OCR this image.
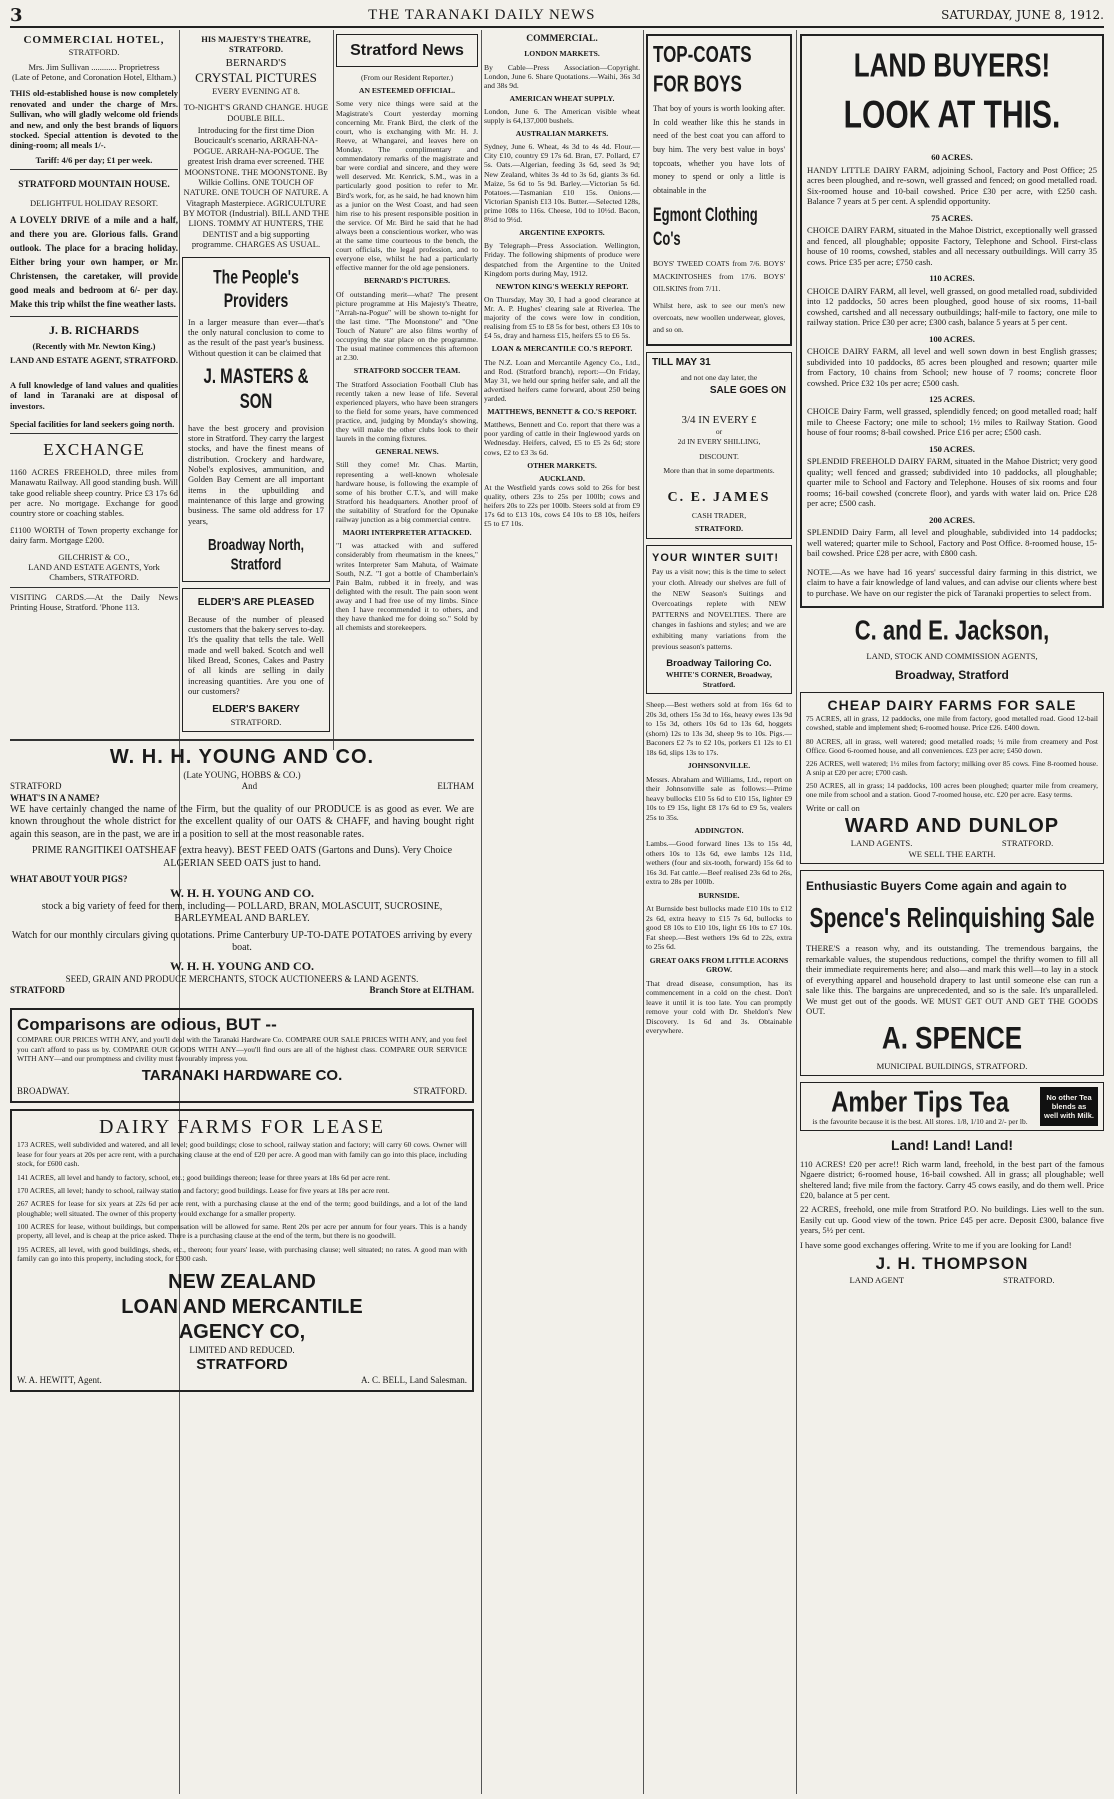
3	THE TARANAKI DAILY NEWS	SATURDAY, JUNE 8, 1912.
COMMERCIAL HOTEL,
STRATFORD.
Mrs. Jim Sullivan ............ Proprietress
(Late of Petone, and Coronation Hotel, Eltham.)

THIS old-established house is now completely renovated and under the charge of Mrs. Sullivan, who will gladly welcome old friends and new, and only the best brands of liquors stocked. Special attention is devoted to the dining-room; all meals 1/-.

Tariff: 4/6 per day; £1 per week.
STRATFORD MOUNTAIN HOUSE.
DELIGHTFUL HOLIDAY RESORT.

A LOVELY DRIVE of a mile and a half, and there you are. Glorious falls. Grand outlook. The place for a bracing holiday. Either bring your own hamper, or Mr. Christensen, the caretaker, will provide good meals and bedroom at 6/- per day. Make this trip whilst the fine weather lasts.

J. B. RICHARDS
(Recently with Mr. Newton King.)
LAND AND ESTATE AGENT, STRATFORD.

A full knowledge of land values and qualities of land in Taranaki are at disposal of investors.

Special facilities for land seekers going north.

EXCHANGE

1160 ACRES FREEHOLD, three miles from Manawatu Railway. All good standing bush. Will take good reliable sheep country. Price £3 17s 6d per acre. No mortgage. Exchange for good country store or coaching stables.

£1100 WORTH of Town property exchange for dairy farm. Mortgage £200.

GILCHRIST & CO.,
LAND AND ESTATE AGENTS, York Chambers, STRATFORD.

VISITING CARDS.—At the Daily News Printing House, Stratford. 'Phone 113.

HIS MAJESTY'S THEATRE, STRATFORD.
BERNARD'S
CRYSTAL PICTURES
EVERY EVENING AT 8.
TO-NIGHT'S GRAND CHANGE. HUGE DOUBLE BILL.
Introducing for the first time Dion Boucicault's scenario, ARRAH-NA-POGUE. ARRAH-NA-POGUE. The greatest Irish drama ever screened. THE MOONSTONE. THE MOONSTONE. By Wilkie Collins. ONE TOUCH OF NATURE. ONE TOUCH OF NATURE. A Vitagraph Masterpiece. AGRICULTURE BY MOTOR (Industrial). BILL AND THE LIONS. TOMMY AT HUNTERS, THE DENTIST and a big supporting programme. CHARGES AS USUAL.
The People's Providers

In a larger measure than ever—that's the only natural conclusion to come to as the result of the past year's business. Without question it can be claimed that

J. MASTERS & SON

have the best grocery and provision store in Stratford. They carry the largest stocks, and have the finest means of distribution. Crockery and hardware, Nobel's explosives, ammunition, and Golden Bay Cement are all important items in the upbuilding and maintenance of this large and growing business. The same old address for 17 years,

Broadway North, Stratford
ELDER'S ARE PLEASED

Because of the number of pleased customers that the bakery serves to-day. It's the quality that tells the tale. Well made and well baked. Scotch and well liked Bread, Scones, Cakes and Pastry of all kinds are selling in daily increasing quantities. Are you one of our customers?

ELDER'S BAKERY
STRATFORD.
Stratford News
(From our Resident Reporter.)
AN ESTEEMED OFFICIAL.

Some very nice things were said at the Magistrate's Court yesterday morning concerning Mr. Frank Bird, the clerk of the court, who is exchanging with Mr. H. J. Reeve, at Whangarei, and leaves here on Monday. The complimentary and commendatory remarks of the magistrate and bar were cordial and sincere, and they were well deserved. Mr. Kenrick, S.M., was in a particularly good position to refer to Mr. Bird's work, for, as he said, he had known him as a junior on the West Coast, and had seen him rise to his present responsible position in the service. Of Mr. Bird he said that he had always been a conscientious worker, who was at the same time courteous to the bench, the court officials, the legal profession, and to everyone else, whilst he had a particularly effective manner for the old age pensioners.

BERNARD'S PICTURES.

Of outstanding merit—what? The present picture programme at His Majesty's Theatre, "Arrah-na-Pogue" will be shown to-night for the last time. "The Moonstone" and "One Touch of Nature" are also films worthy of occupying the star place on the programme. The usual matinee commences this afternoon at 2.30.

STRATFORD SOCCER TEAM.

The Stratford Association Football Club has recently taken a new lease of life. Several experienced players, who have been strangers to the field for some years, have commenced practice, and, judging by Monday's showing, they will make the other clubs look to their laurels in the coming fixtures.

GENERAL NEWS.

Still they come! Mr. Chas. Martin, representing a well-known wholesale hardware house, is following the example of some of his brother C.T.'s, and will make Stratford his headquarters. Another proof of the suitability of Stratford for the Opunake railway junction as a big commercial centre.

MAORI INTERPRETER ATTACKED.

"I was attacked with and suffered considerably from rheumatism in the knees," writes Interpreter Sam Mahuta, of Waimate South, N.Z. "I got a bottle of Chamberlain's Pain Balm, rubbed it in freely, and was delighted with the result. The pain soon went away and I had free use of my limbs. Since then I have recommended it to others, and they have thanked me for doing so." Sold by all chemists and storekeepers.

COMMERCIAL.
LONDON MARKETS.

By Cable—Press Association—Copyright. London, June 6. Share Quotations.—Waihi, 36s 3d and 38s 9d.

AMERICAN WHEAT SUPPLY.

London, June 6. The American visible wheat supply is 64,137,000 bushels.

AUSTRALIAN MARKETS.

Sydney, June 6. Wheat, 4s 3d to 4s 4d. Flour.—City £10, country £9 17s 6d. Bran, £7. Pollard, £7 5s. Oats.—Algerian, feeding 3s 6d, seed 3s 9d; New Zealand, whites 3s 4d to 3s 6d, giants 3s 6d. Maize, 5s 6d to 5s 9d. Barley.—Victorian 5s 6d. Potatoes.—Tasmanian £10 15s. Onions.—Victorian Spanish £13 10s. Butter.—Selected 128s, prime 108s to 116s. Cheese, 10d to 10½d. Bacon, 8½d to 9½d.

ARGENTINE EXPORTS.

By Telegraph—Press Association. Wellington, Friday. The following shipments of produce were despatched from the Argentine to the United Kingdom ports during May, 1912.

NEWTON KING'S WEEKLY REPORT.

On Thursday, May 30, I had a good clearance at Mr. A. P. Hughes' clearing sale at Riverlea. The majority of the cows were low in condition, realising from £5 to £8 5s for best, others £3 10s to £4 5s, dray and harness £15, heifers £5 to £6 5s.

LOAN & MERCANTILE CO.'S REPORT.

The N.Z. Loan and Mercantile Agency Co., Ltd., and Rod. (Stratford branch), report:—On Friday, May 31, we held our spring heifer sale, and all the advertised heifers came forward, about 250 being yarded.

MATTHEWS, BENNETT & CO.'S REPORT.

Matthews, Bennett and Co. report that there was a poor yarding of cattle in their Inglewood yards on Wednesday. Heifers, calved, £5 to £5 2s 6d; store cows, £2 to £3 3s 6d.

OTHER MARKETS.
AUCKLAND.

At the Westfield yards cows sold to 26s for best quality, others 23s to 25s per 100lb; cows and heifers 20s to 22s per 100lb. Steers sold at from £9 17s 6d to £13 10s, cows £4 10s to £8 10s, heifers £5 to £7 10s.

TOP-COATS FOR BOYS

That boy of yours is worth looking after. In cold weather like this he stands in need of the best coat you can afford to buy him. The very best value in boys' topcoats, whether you have lots of money to spend or only a little is obtainable in the

Egmont Clothing Co's

BOYS' TWEED COATS from 7/6. BOYS' MACKINTOSHES from 17/6. BOYS' OILSKINS from 7/11.

Whilst here, ask to see our men's new overcoats, new woollen underwear, gloves, and so on.

TILL MAY 31
and not one day later, the
SALE GOES ON
3/4 IN EVERY £
or
2d IN EVERY SHILLING,
DISCOUNT.
More than that in some departments.
C. E. JAMES
CASH TRADER,
STRATFORD.
YOUR WINTER SUIT!

Pay us a visit now; this is the time to select your cloth. Already our shelves are full of the NEW Season's Suitings and Overcoatings replete with NEW PATTERNS and NOVELTIES. There are changes in fashions and styles; and we are exhibiting many variations from the previous season's patterns.

Broadway Tailoring Co.
WHITE'S CORNER, Broadway, Stratford.

Sheep.—Best wethers sold at from 16s 6d to 20s 3d, others 15s 3d to 16s, heavy ewes 13s 9d to 15s 3d, others 10s 6d to 13s 6d, hoggets (shorn) 12s to 13s 3d, sheep 9s to 10s. Pigs.—Baconers £2 7s to £2 10s, porkers £1 12s to £1 18s 6d, slips 13s to 17s.

JOHNSONVILLE.

Messrs. Abraham and Williams, Ltd., report on their Johnsonville sale as follows:—Prime heavy bullocks £10 5s 6d to £10 15s, lighter £9 10s to £9 15s, light £8 17s 6d to £9 5s, vealers 25s to 35s.

ADDINGTON.

Lambs.—Good forward lines 13s to 15s 4d, others 10s to 13s 6d, ewe lambs 12s 11d, wethers (four and six-tooth, forward) 15s 6d to 16s 3d. Fat cattle.—Beef realised 23s 6d to 26s, extra to 28s per 100lb.

BURNSIDE.

At Burnside best bullocks made £10 10s to £12 2s 6d, extra heavy to £15 7s 6d, bullocks to good £8 10s to £10 10s, light £6 10s to £7 10s. Fat sheep.—Best wethers 19s 6d to 22s, extra to 25s 6d.

GREAT OAKS FROM LITTLE ACORNS GROW.

That dread disease, consumption, has its commencement in a cold on the chest. Don't leave it until it is too late. You can promptly remove your cold with Dr. Sheldon's New Discovery. 1s 6d and 3s. Obtainable everywhere.

LAND BUYERS!
LOOK AT THIS.
60 ACRES.

HANDY LITTLE DAIRY FARM, adjoining School, Factory and Post Office; 25 acres been ploughed, and re-sown, well grassed and fenced; on good metalled road. Six-roomed house and 10-bail cowshed. Price £30 per acre, with £250 cash. Balance 7 years at 5 per cent. A splendid opportunity.

75 ACRES.

CHOICE DAIRY FARM, situated in the Mahoe District, exceptionally well grassed and fenced, all ploughable; opposite Factory, Telephone and School. First-class house of 10 rooms, cowshed, stables and all necessary outbuildings. Will carry 35 cows. Price £35 per acre; £750 cash.

110 ACRES.

CHOICE DAIRY FARM, all level, well grassed, on good metalled road, subdivided into 12 paddocks, 50 acres been ploughed, good house of six rooms, 11-bail cowshed, cartshed and all necessary outbuildings; half-mile to factory, one mile to railway station. Price £30 per acre; £300 cash, balance 5 years at 5 per cent.

100 ACRES.

CHOICE DAIRY FARM, all level and well sown down in best English grasses; subdivided into 10 paddocks, 85 acres been ploughed and resown; quarter mile from Factory, 10 chains from School; new house of 7 rooms; concrete floor cowshed. Price £32 10s per acre; £500 cash.

125 ACRES.

CHOICE Dairy Farm, well grassed, splendidly fenced; on good metalled road; half mile to Cheese Factory; one mile to school; 1½ miles to Railway Station. Good house of four rooms; 8-bail cowshed. Price £16 per acre; £500 cash.

150 ACRES.

SPLENDID FREEHOLD DAIRY FARM, situated in the Mahoe District; very good quality; well fenced and grassed; subdivided into 10 paddocks, all ploughable; quarter mile to School and Factory and Telephone. Houses of six rooms and four rooms; 16-bail cowshed (concrete floor), and yards with water laid on. Price £28 per acre; £500 cash.

200 ACRES.

SPLENDID Dairy Farm, all level and ploughable, subdivided into 14 paddocks; well watered; quarter mile to School, Factory and Post Office. 8-roomed house, 15-bail cowshed. Price £28 per acre, with £800 cash.

NOTE.—As we have had 16 years' successful dairy farming in this district, we claim to have a fair knowledge of land values, and can advise our clients where best to purchase. We have on our register the pick of Taranaki properties to select from.

C. and E. Jackson,
LAND, STOCK AND COMMISSION AGENTS,
Broadway, Stratford
CHEAP DAIRY FARMS FOR SALE

75 ACRES, all in grass, 12 paddocks, one mile from factory, good metalled road. Good 12-bail cowshed, stable and implement shed; 6-roomed house. Price £26. £400 down.

80 ACRES, all in grass, well watered; good metalled roads; ½ mile from creamery and Post Office. Good 6-roomed house, and all conveniences. £23 per acre; £450 down.

226 ACRES, well watered; 1½ miles from factory; milking over 85 cows. Fine 8-roomed house. A snip at £20 per acre; £700 cash.

250 ACRES, all in grass; 14 paddocks, 100 acres been ploughed; quarter mile from creamery, one mile from school and a station. Good 7-roomed house, etc. £20 per acre. Easy terms.

Write or call on
WARD AND DUNLOP
LAND AGENTS.	STRATFORD.
WE SELL THE EARTH.
Enthusiastic Buyers Come again and again to
Spence's Relinquishing Sale

THERE'S a reason why, and its outstanding. The tremendous bargains, the remarkable values, the stupendous reductions, compel the thrifty women to fill all their immediate requirements here; and also—and mark this well—to lay in a stock of everything apparel and household drapery to last until someone else can run a sale like this. The bargains are unprecedented, and so is the sale. It's unparalleled. We must get out of the goods. WE MUST GET OUT AND GET THE GOODS OUT.

A. SPENCE
MUNICIPAL BUILDINGS, STRATFORD.
Amber Tips Tea
is the favourite because it is the best. All stores. 1/8, 1/10 and 2/- per lb.
No other Tea blends as well with Milk.
Land! Land! Land!

110 ACRES! £20 per acre!! Rich warm land, freehold, in the best part of the famous Ngaere district; 6-roomed house, 16-bail cowshed. All in grass; all ploughable; well sheltered land; five mile from the factory. Carry 45 cows easily, and do them well. Price £20, balance at 5 per cent.

22 ACRES, freehold, one mile from Stratford P.O. No buildings. Lies well to the sun. Easily cut up. Good view of the town. Price £45 per acre. Deposit £300, balance five years, 5½ per cent.

I have some good exchanges offering. Write to me if you are looking for Land!

J. H. THOMPSON
LAND AGENT	STRATFORD.
W. H. H. YOUNG AND CO.
(Late YOUNG, HOBBS & CO.)
STRATFORD	And	ELTHAM
WHAT'S IN A NAME?

WE have certainly changed the name of the Firm, but the quality of our PRODUCE is as good as ever. We are known throughout the whole district for the excellent quality of our OATS & CHAFF, and having bought right again this season, are in the past, we are in a position to sell at the most reasonable rates.

PRIME RANGITIKEI OATSHEAF (extra heavy). BEST FEED OATS (Gartons and Duns). Very Choice ALGERIAN SEED OATS just to hand.

WHAT ABOUT YOUR PIGS?
W. H. H. YOUNG AND CO.

stock a big variety of feed for them, including— POLLARD, BRAN, MOLASCUIT, SUCROSINE, BARLEYMEAL AND BARLEY.

Watch for our monthly circulars giving quotations. Prime Canterbury UP-TO-DATE POTATOES arriving by every boat.

W. H. H. YOUNG AND CO.
SEED, GRAIN AND PRODUCE MERCHANTS, STOCK AUCTIONEERS & LAND AGENTS.
STRATFORD	Branch Store at ELTHAM.
Comparisons are odious, BUT --

COMPARE OUR PRICES WITH ANY, and you'll deal with the Taranaki Hardware Co. COMPARE OUR SALE PRICES WITH ANY, and you feel you can't afford to pass us by. COMPARE OUR GOODS WITH ANY—you'll find ours are all of the highest class. COMPARE OUR SERVICE WITH ANY—and our promptness and civility must favourably impress you.

TARANAKI HARDWARE CO.
BROADWAY.	STRATFORD.
DAIRY FARMS FOR LEASE

173 ACRES, well subdivided and watered, and all level; good buildings; close to school, railway station and factory; will carry 60 cows. Owner will lease for four years at 20s per acre rent, with a purchasing clause at the end of £20 per acre. A good man with family can go into this place, including stock, for £600 cash.

141 ACRES, all level and handy to factory, school, etc.; good buildings thereon; lease for three years at 18s 6d per acre rent.

170 ACRES, all level; handy to school, railway station and factory; good buildings. Lease for five years at 18s per acre rent.

267 ACRES for lease for six years at 22s 6d per acre rent, with a purchasing clause at the end of the term; good buildings, and a lot of the land ploughable; well situated. The owner of this property would exchange for a smaller property.

100 ACRES for lease, without buildings, but compensation will be allowed for same. Rent 20s per acre per annum for four years. This is a handy property, all level, and is cheap at the price asked. There is a purchasing clause at the end of the term, but there is no goodwill.

195 ACRES, all level, with good buildings, sheds, etc., thereon; four years' lease, with purchasing clause; well situated; no rates. A good man with family can go into this property, including stock, for £300 cash.

NEW ZEALAND
LOAN AND MERCANTILE
AGENCY CO,
LIMITED AND REDUCED.
STRATFORD
W. A. HEWITT, Agent.	A. C. BELL, Land Salesman.
